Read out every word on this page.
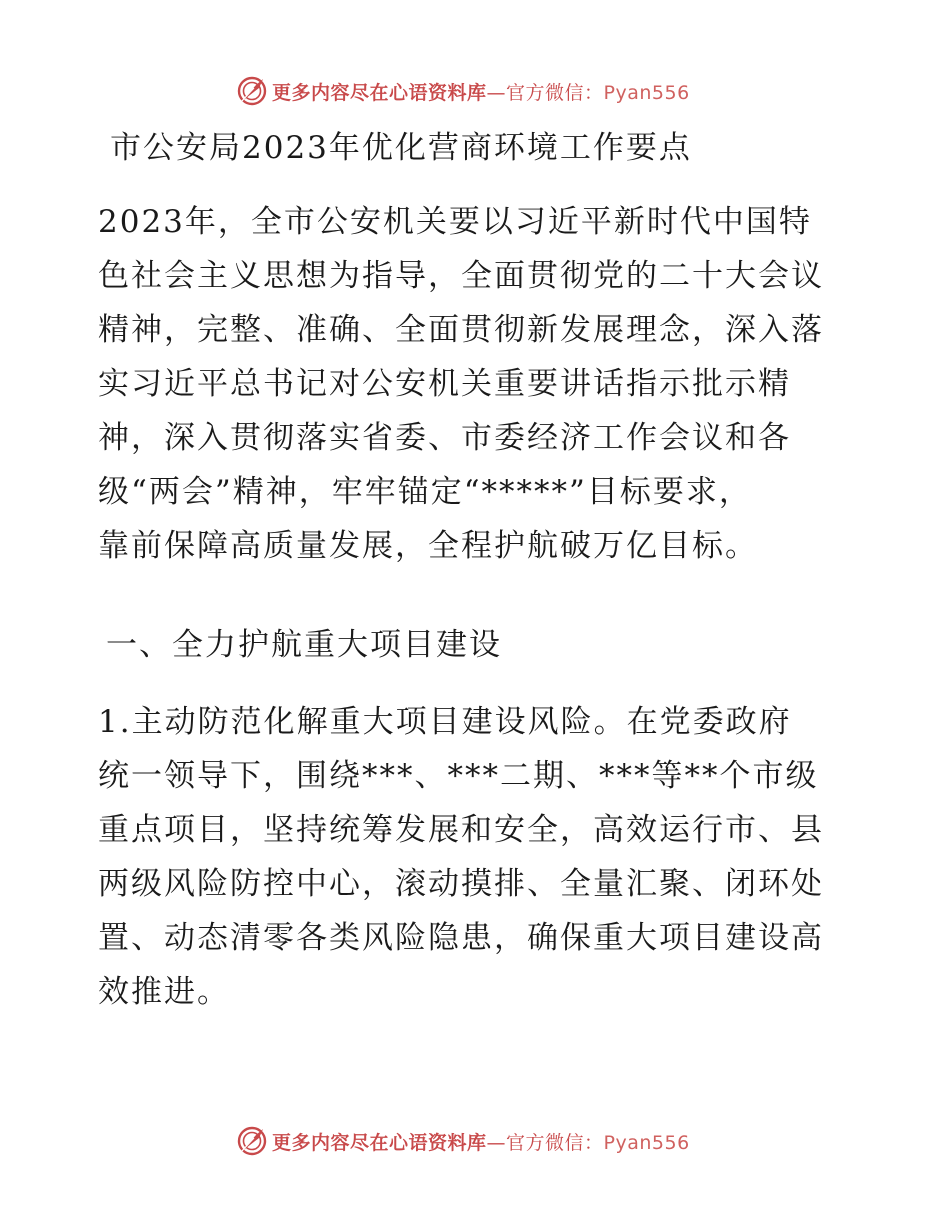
更多内容尽在心语资料库—官方微信：Pyan556
市公安局2023年优化营商环境工作要点
2023年，全市公安机关要以习近平新时代中国特
色社会主义思想为指导，全面贯彻党的二十大会议
精神，完整、准确、全面贯彻新发展理念，深入落
实习近平总书记对公安机关重要讲话指示批示精
神，深入贯彻落实省委、市委经济工作会议和各
级“两会”精神，牢牢锚定“*****”目标要求，
靠前保障高质量发展，全程护航破万亿目标。
一、全力护航重大项目建设
1.主动防范化解重大项目建设风险。在党委政府
统一领导下，围绕***、***二期、***等**个市级
重点项目，坚持统筹发展和安全，高效运行市、县
两级风险防控中心，滚动摸排、全量汇聚、闭环处
置、动态清零各类风险隐患，确保重大项目建设高
效推进。
更多内容尽在心语资料库—官方微信：Pyan556
